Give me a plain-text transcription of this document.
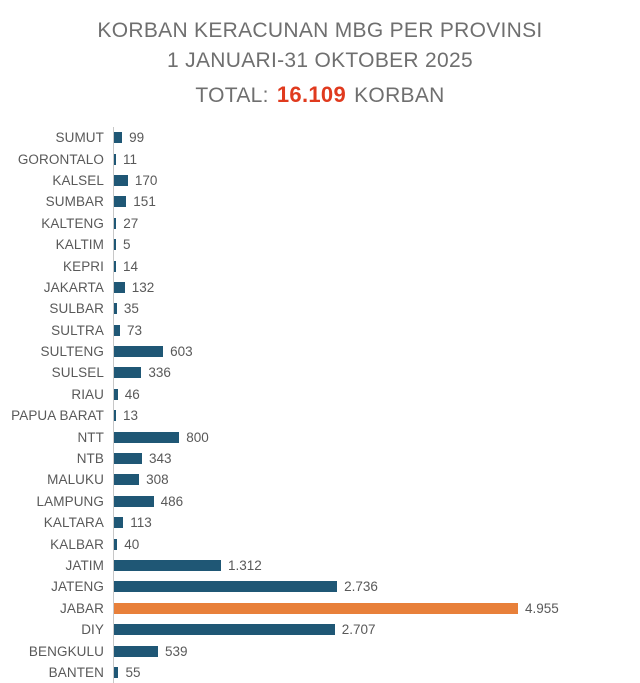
KORBAN KERACUNAN MBG PER PROVINSI
1 JANUARI-31 OKTOBER 2025
TOTAL: 16.109 KORBAN
SUMUT	99
GORONTALO	11
KALSEL	170
SUMBAR	151
KALTENG	27
KALTIM	5
KEPRI	14
JAKARTA	132
SULBAR	35
SULTRA	73
SULTENG	603
SULSEL	336
RIAU	46
PAPUA BARAT	13
NTT	800
NTB	343
MALUKU	308
LAMPUNG	486
KALTARA	113
KALBAR	40
JATIM	1.312
JATENG	2.736
JABAR	4.955
DIY	2.707
BENGKULU	539
BANTEN	55
